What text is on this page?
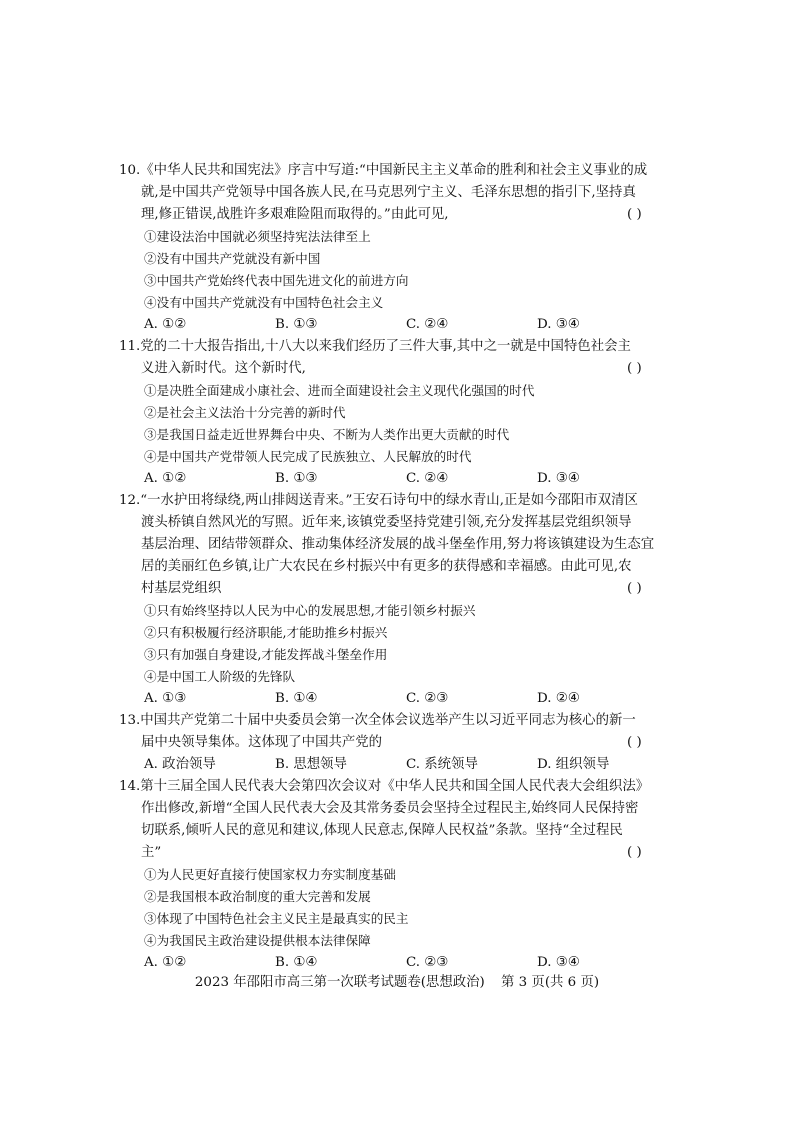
10.《中华人民共和国宪法》序言中写道:“中国新民主主义革命的胜利和社会主义事业的成
就,是中国共产党领导中国各族人民,在马克思列宁主义、毛泽东思想的指引下,坚持真
理,修正错误,战胜许多艰难险阻而取得的。”由此可见,	( )
①建设法治中国就必须坚持宪法法律至上
②没有中国共产党就没有新中国
③中国共产党始终代表中国先进文化的前进方向
④没有中国共产党就没有中国特色社会主义
A. ①②	B. ①③	C. ②④	D. ③④
11.党的二十大报告指出,十八大以来我们经历了三件大事,其中之一就是中国特色社会主
义进入新时代。这个新时代,	( )
①是决胜全面建成小康社会、进而全面建设社会主义现代化强国的时代
②是社会主义法治十分完善的新时代
③是我国日益走近世界舞台中央、不断为人类作出更大贡献的时代
④是中国共产党带领人民完成了民族独立、人民解放的时代
A. ①②	B. ①③	C. ②④	D. ③④
12.“一水护田将绿绕,两山排闼送青来。”王安石诗句中的绿水青山,正是如今邵阳市双清区
渡头桥镇自然风光的写照。近年来,该镇党委坚持党建引领,充分发挥基层党组织领导
基层治理、团结带领群众、推动集体经济发展的战斗堡垒作用,努力将该镇建设为生态宜
居的美丽红色乡镇,让广大农民在乡村振兴中有更多的获得感和幸福感。由此可见,农
村基层党组织	( )
①只有始终坚持以人民为中心的发展思想,才能引领乡村振兴
②只有积极履行经济职能,才能助推乡村振兴
③只有加强自身建设,才能发挥战斗堡垒作用
④是中国工人阶级的先锋队
A. ①③	B. ①④	C. ②③	D. ②④
13.中国共产党第二十届中央委员会第一次全体会议选举产生以习近平同志为核心的新一
届中央领导集体。这体现了中国共产党的	( )
A. 政治领导	B. 思想领导	C. 系统领导	D. 组织领导
14.第十三届全国人民代表大会第四次会议对《中华人民共和国全国人民代表大会组织法》
作出修改,新增“全国人民代表大会及其常务委员会坚持全过程民主,始终同人民保持密
切联系,倾听人民的意见和建议,体现人民意志,保障人民权益”条款。坚持“全过程民
主”	( )
①为人民更好直接行使国家权力夯实制度基础
②是我国根本政治制度的重大完善和发展
③体现了中国特色社会主义民主是最真实的民主
④为我国民主政治建设提供根本法律保障
A. ①②	B. ①④	C. ②③	D. ③④
2023 年邵阳市高三第一次联考试题卷(思想政治) 第 3 页(共 6 页)
